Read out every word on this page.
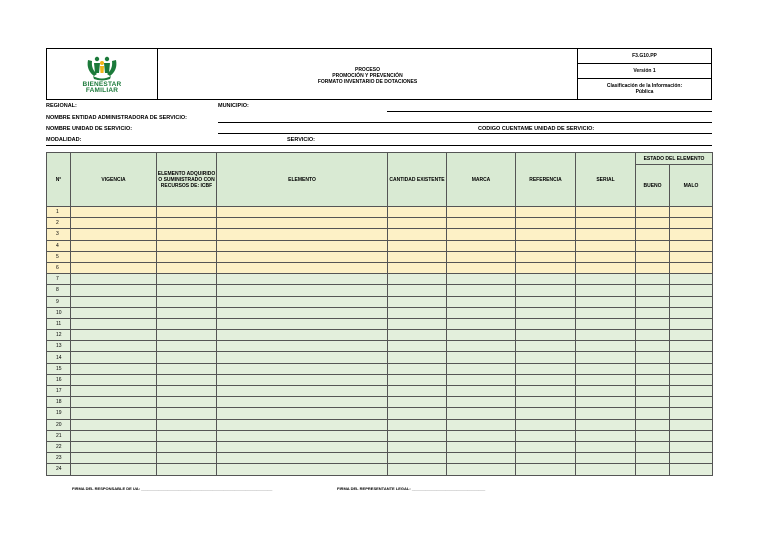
BIENESTAR
FAMILIAR
PROCESO
PROMOCIÓN Y PREVENCIÓN
FORMATO INVENTARIO DE DOTACIONES
F3.G10.PP
Versión 1
Clasificación de la Información:
Pública
REGIONAL:	MUNICIPIO:
NOMBRE ENTIDAD ADMINISTRADORA DE SERVICIO:
NOMBRE UNIDAD DE SERVICIO:	CODIGO CUENTAME UNIDAD DE SERVICIO:
MODALIDAD:	SERVICIO:
N°	VIGENCIA	ELEMENTO ADQUIRIDO O SUMINISTRADO CON RECURSOS DE: ICBF	ELEMENTO	CANTIDAD EXISTENTE	MARCA	REFERENCIA	SERIAL	ESTADO DEL ELEMENTO	
								BUENO	MALO
1									
2									
3									
4									
5									
6									
7									
8									
9									
10									
11									
12									
13									
14									
15									
16									
17									
18									
19									
20									
21									
22									
23									
24									
FIRMA DEL RESPONSABLE DE UA: ___________________________________________________________	FIRMA DEL REPRESENTANTE LEGAL: _________________________________
